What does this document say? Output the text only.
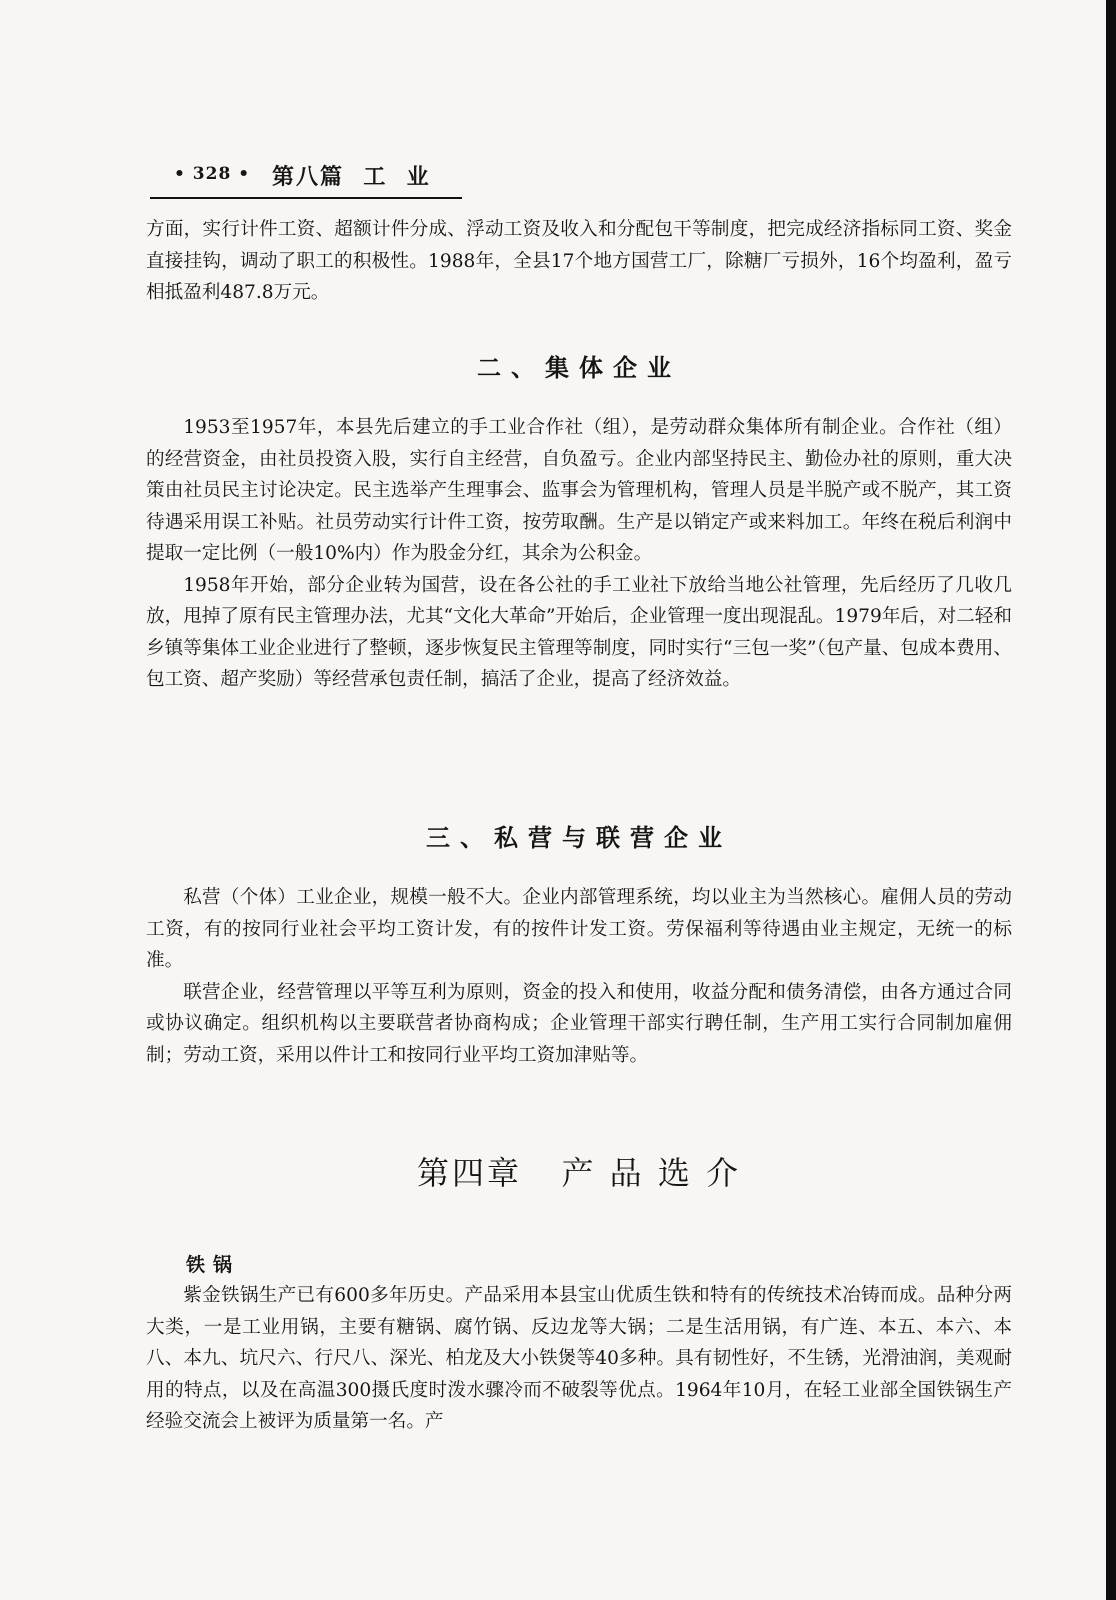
• 328 • 第八篇  工  业

方面，实行计件工资、超额计件分成、浮动工资及收入和分配包干等制度，把完成经济指标同工资、奖金直接挂钩，调动了职工的积极性。1988年，全县17个地方国营工厂，除糖厂亏损外，16个均盈利，盈亏相抵盈利487.8万元。

二、集体企业

1953至1957年，本县先后建立的手工业合作社（组），是劳动群众集体所有制企业。合作社（组）的经营资金，由社员投资入股，实行自主经营，自负盈亏。企业内部坚持民主、勤俭办社的原则，重大决策由社员民主讨论决定。民主选举产生理事会、监事会为管理机构，管理人员是半脱产或不脱产，其工资待遇采用误工补贴。社员劳动实行计件工资，按劳取酬。生产是以销定产或来料加工。年终在税后利润中提取一定比例（一般10%内）作为股金分红，其余为公积金。

1958年开始，部分企业转为国营，设在各公社的手工业社下放给当地公社管理，先后经历了几收几放，甩掉了原有民主管理办法，尤其“文化大革命”开始后，企业管理一度出现混乱。1979年后，对二轻和乡镇等集体工业企业进行了整顿，逐步恢复民主管理等制度，同时实行“三包一奖”（包产量、包成本费用、包工资、超产奖励）等经营承包责任制，搞活了企业，提高了经济效益。

三、私营与联营企业

私营（个体）工业企业，规模一般不大。企业内部管理系统，均以业主为当然核心。雇佣人员的劳动工资，有的按同行业社会平均工资计发，有的按件计发工资。劳保福利等待遇由业主规定，无统一的标准。

联营企业，经营管理以平等互利为原则，资金的投入和使用，收益分配和债务清偿，由各方通过合同或协议确定。组织机构以主要联营者协商构成；企业管理干部实行聘任制，生产用工实行合同制加雇佣制；劳动工资，采用以件计工和按同行业平均工资加津贴等。

第四章   产 品 选 介
铁锅

紫金铁锅生产已有600多年历史。产品采用本县宝山优质生铁和特有的传统技术冶铸而成。品种分两大类，一是工业用锅，主要有糖锅、腐竹锅、反边龙等大锅；二是生活用锅，有广连、本五、本六、本八、本九、坑尺六、行尺八、深光、柏龙及大小铁煲等40多种。具有韧性好，不生锈，光滑油润，美观耐用的特点，以及在高温300摄氏度时泼水骤冷而不破裂等优点。1964年10月，在轻工业部全国铁锅生产经验交流会上被评为质量第一名。产
